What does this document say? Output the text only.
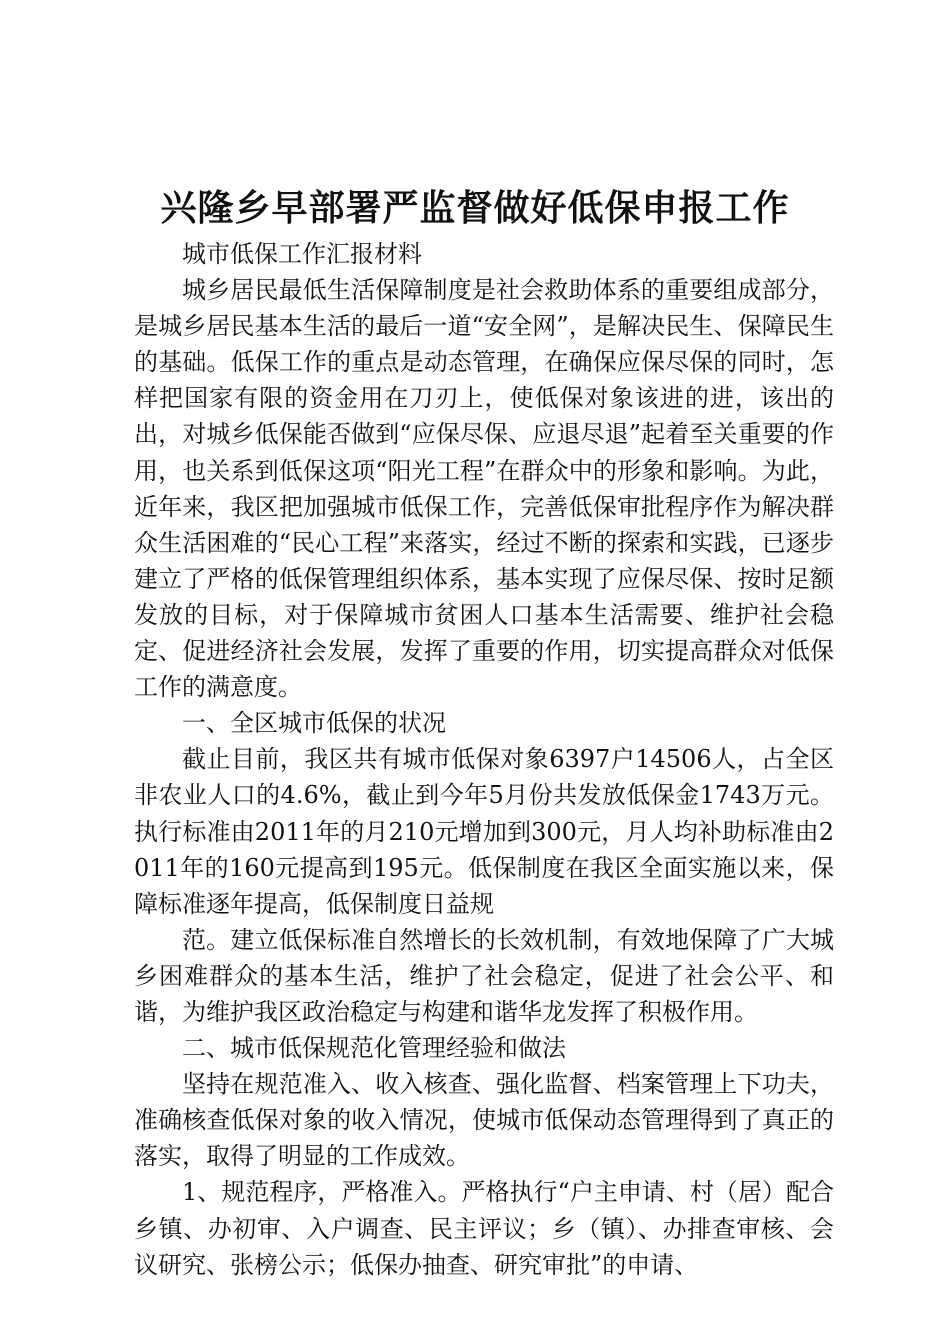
兴隆乡早部署严监督做好低保申报工作

城市低保工作汇报材料

城乡居民最低生活保障制度是社会救助体系的重要组成部分，是城乡居民基本生活的最后一道“安全网”，是解决民生、保障民生的基础。低保工作的重点是动态管理，在确保应保尽保的同时，怎样把国家有限的资金用在刀刃上，使低保对象该进的进，该出的出，对城乡低保能否做到“应保尽保、应退尽退”起着至关重要的作用，也关系到低保这项“阳光工程”在群众中的形象和影响。为此，近年来，我区把加强城市低保工作，完善低保审批程序作为解决群众生活困难的“民心工程”来落实，经过不断的探索和实践，已逐步建立了严格的低保管理组织体系，基本实现了应保尽保、按时足额发放的目标，对于保障城市贫困人口基本生活需要、维护社会稳定、促进经济社会发展，发挥了重要的作用，切实提高群众对低保工作的满意度。

一、全区城市低保的状况

截止目前，我区共有城市低保对象6397户14506人，占全区非农业人口的4.6%，截止到今年5月份共发放低保金1743万元。执行标准由2011年的月210元增加到300元，月人均补助标准由2011年的160元提高到195元。低保制度在我区全面实施以来，保障标准逐年提高，低保制度日益规

范。建立低保标准自然增长的长效机制，有效地保障了广大城乡困难群众的基本生活，维护了社会稳定，促进了社会公平、和谐，为维护我区政治稳定与构建和谐华龙发挥了积极作用。

二、城市低保规范化管理经验和做法

坚持在规范准入、收入核查、强化监督、档案管理上下功夫，准确核查低保对象的收入情况，使城市低保动态管理得到了真正的落实，取得了明显的工作成效。

1、规范程序，严格准入。严格执行“户主申请、村（居）配合乡镇、办初审、入户调查、民主评议；乡（镇）、办排查审核、会议研究、张榜公示；低保办抽查、研究审批”的申请、
